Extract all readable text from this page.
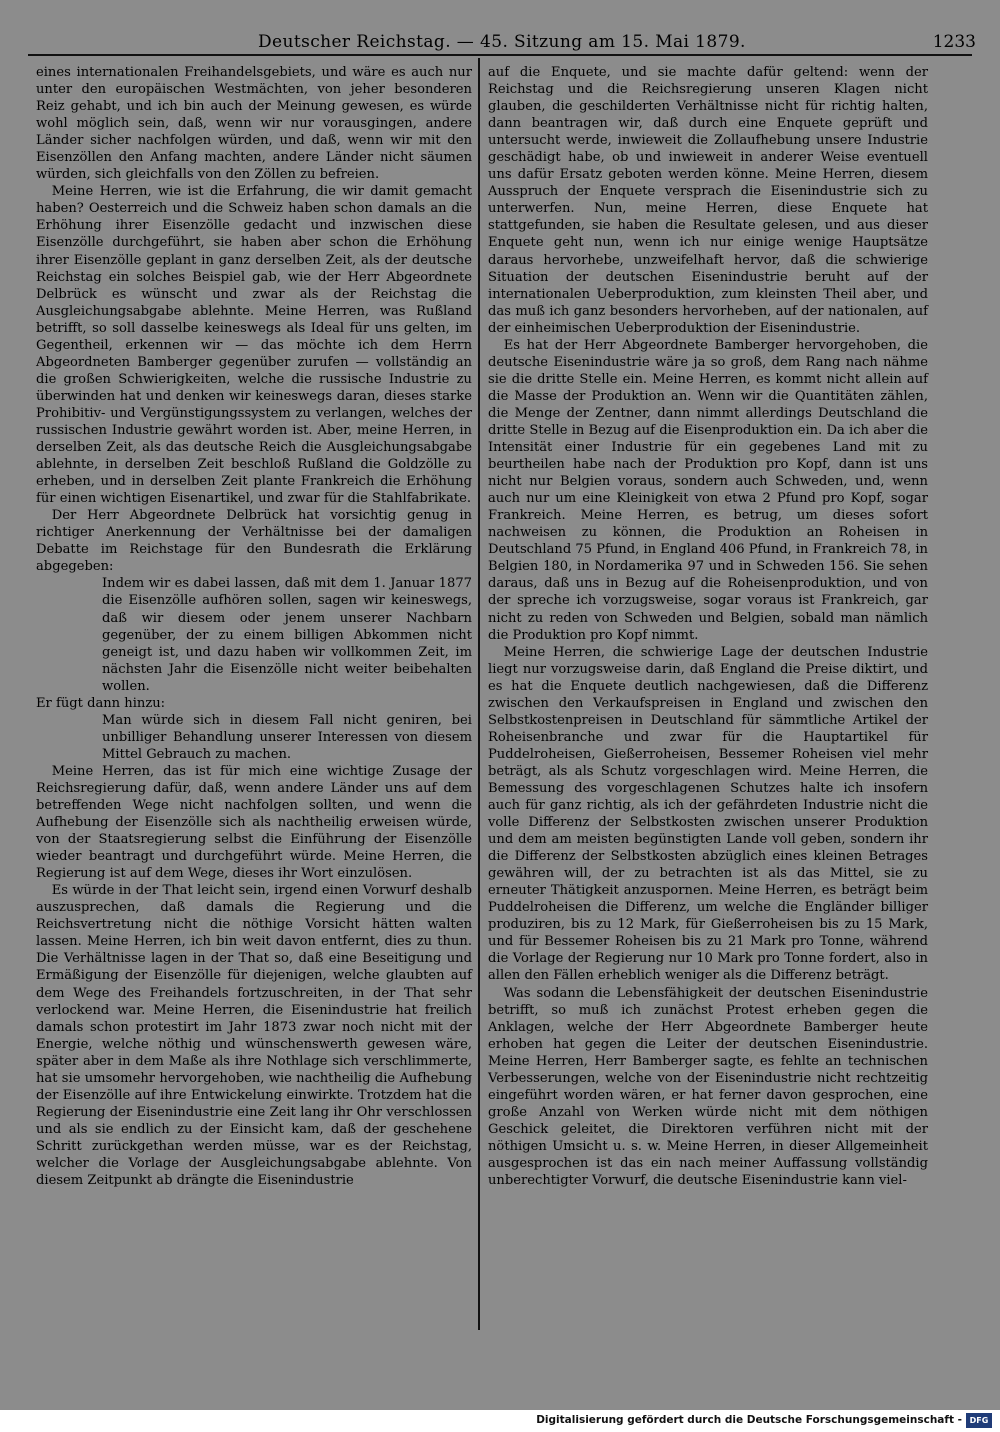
Deutscher Reichstag. — 45. Sitzung am 15. Mai 1879.	1233

eines internationalen Freihandelsgebiets, und wäre es auch nur unter den europäischen Westmächten, von jeher besonderen Reiz gehabt, und ich bin auch der Meinung gewesen, es würde wohl möglich sein, daß, wenn wir nur vorausgingen, andere Länder sicher nachfolgen würden, und daß, wenn wir mit den Eisenzöllen den Anfang machten, andere Länder nicht säumen würden, sich gleichfalls von den Zöllen zu befreien.

Meine Herren, wie ist die Erfahrung, die wir damit gemacht haben? Oesterreich und die Schweiz haben schon damals an die Erhöhung ihrer Eisenzölle gedacht und inzwischen diese Eisenzölle durchgeführt, sie haben aber schon die Erhöhung ihrer Eisenzölle geplant in ganz derselben Zeit, als der deutsche Reichstag ein solches Beispiel gab, wie der Herr Abgeordnete Delbrück es wünscht und zwar als der Reichstag die Ausgleichungsabgabe ablehnte. Meine Herren, was Rußland betrifft, so soll dasselbe keineswegs als Ideal für uns gelten, im Gegentheil, erkennen wir — das möchte ich dem Herrn Abgeordneten Bamberger gegenüber zurufen — vollständig an die großen Schwierigkeiten, welche die russische Industrie zu überwinden hat und denken wir keineswegs daran, dieses starke Prohibitiv- und Vergünstigungssystem zu verlangen, welches der russischen Industrie gewährt worden ist. Aber, meine Herren, in derselben Zeit, als das deutsche Reich die Ausgleichungsabgabe ablehnte, in derselben Zeit beschloß Rußland die Goldzölle zu erheben, und in derselben Zeit plante Frankreich die Erhöhung für einen wichtigen Eisenartikel, und zwar für die Stahlfabrikate.

Der Herr Abgeordnete Delbrück hat vorsichtig genug in richtiger Anerkennung der Verhältnisse bei der damaligen Debatte im Reichstage für den Bundesrath die Erklärung abgegeben:

Indem wir es dabei lassen, daß mit dem 1. Januar 1877 die Eisenzölle aufhören sollen, sagen wir keineswegs, daß wir diesem oder jenem unserer Nachbarn gegenüber, der zu einem billigen Abkommen nicht geneigt ist, und dazu haben wir vollkommen Zeit, im nächsten Jahr die Eisenzölle nicht weiter beibehalten wollen.

Er fügt dann hinzu:

Man würde sich in diesem Fall nicht geniren, bei unbilliger Behandlung unserer Interessen von diesem Mittel Gebrauch zu machen.

Meine Herren, das ist für mich eine wichtige Zusage der Reichsregierung dafür, daß, wenn andere Länder uns auf dem betreffenden Wege nicht nachfolgen sollten, und wenn die Aufhebung der Eisenzölle sich als nachtheilig erweisen würde, von der Staatsregierung selbst die Einführung der Eisenzölle wieder beantragt und durchgeführt würde. Meine Herren, die Regierung ist auf dem Wege, dieses ihr Wort einzulösen.

Es würde in der That leicht sein, irgend einen Vorwurf deshalb auszusprechen, daß damals die Regierung und die Reichsvertretung nicht die nöthige Vorsicht hätten walten lassen. Meine Herren, ich bin weit davon entfernt, dies zu thun. Die Verhältnisse lagen in der That so, daß eine Beseitigung und Ermäßigung der Eisenzölle für diejenigen, welche glaubten auf dem Wege des Freihandels fortzuschreiten, in der That sehr verlockend war. Meine Herren, die Eisenindustrie hat freilich damals schon protestirt im Jahr 1873 zwar noch nicht mit der Energie, welche nöthig und wünschenswerth gewesen wäre, später aber in dem Maße als ihre Nothlage sich verschlimmerte, hat sie umsomehr hervorgehoben, wie nachtheilig die Aufhebung der Eisenzölle auf ihre Entwickelung einwirkte. Trotzdem hat die Regierung der Eisenindustrie eine Zeit lang ihr Ohr verschlossen und als sie endlich zu der Einsicht kam, daß der geschehene Schritt zurückgethan werden müsse, war es der Reichstag, welcher die Vorlage der Ausgleichungsabgabe ablehnte. Von diesem Zeitpunkt ab drängte die Eisenindustrie

auf die Enquete, und sie machte dafür geltend: wenn der Reichstag und die Reichsregierung unseren Klagen nicht glauben, die geschilderten Verhältnisse nicht für richtig halten, dann beantragen wir, daß durch eine Enquete geprüft und untersucht werde, inwieweit die Zollaufhebung unsere Industrie geschädigt habe, ob und inwieweit in anderer Weise eventuell uns dafür Ersatz geboten werden könne. Meine Herren, diesem Ausspruch der Enquete versprach die Eisenindustrie sich zu unterwerfen. Nun, meine Herren, diese Enquete hat stattgefunden, sie haben die Resultate gelesen, und aus dieser Enquete geht nun, wenn ich nur einige wenige Hauptsätze daraus hervorhebe, unzweifelhaft hervor, daß die schwierige Situation der deutschen Eisenindustrie beruht auf der internationalen Ueberproduktion, zum kleinsten Theil aber, und das muß ich ganz besonders hervorheben, auf der nationalen, auf der einheimischen Ueberproduktion der Eisenindustrie.

Es hat der Herr Abgeordnete Bamberger hervorgehoben, die deutsche Eisenindustrie wäre ja so groß, dem Rang nach nähme sie die dritte Stelle ein. Meine Herren, es kommt nicht allein auf die Masse der Produktion an. Wenn wir die Quantitäten zählen, die Menge der Zentner, dann nimmt allerdings Deutschland die dritte Stelle in Bezug auf die Eisenproduktion ein. Da ich aber die Intensität einer Industrie für ein gegebenes Land mit zu beurtheilen habe nach der Produktion pro Kopf, dann ist uns nicht nur Belgien voraus, sondern auch Schweden, und, wenn auch nur um eine Kleinigkeit von etwa 2 Pfund pro Kopf, sogar Frankreich. Meine Herren, es betrug, um dieses sofort nachweisen zu können, die Produktion an Roheisen in Deutschland 75 Pfund, in England 406 Pfund, in Frankreich 78, in Belgien 180, in Nordamerika 97 und in Schweden 156. Sie sehen daraus, daß uns in Bezug auf die Roheisenproduktion, und von der spreche ich vorzugsweise, sogar voraus ist Frankreich, gar nicht zu reden von Schweden und Belgien, sobald man nämlich die Produktion pro Kopf nimmt.

Meine Herren, die schwierige Lage der deutschen Industrie liegt nur vorzugsweise darin, daß England die Preise diktirt, und es hat die Enquete deutlich nachgewiesen, daß die Differenz zwischen den Verkaufspreisen in England und zwischen den Selbstkostenpreisen in Deutschland für sämmtliche Artikel der Roheisenbranche und zwar für die Hauptartikel für Puddelroheisen, Gießerroheisen, Bessemer Roheisen viel mehr beträgt, als als Schutz vorgeschlagen wird. Meine Herren, die Bemessung des vorgeschlagenen Schutzes halte ich insofern auch für ganz richtig, als ich der gefährdeten Industrie nicht die volle Differenz der Selbstkosten zwischen unserer Produktion und dem am meisten begünstigten Lande voll geben, sondern ihr die Differenz der Selbstkosten abzüglich eines kleinen Betrages gewähren will, der zu betrachten ist als das Mittel, sie zu erneuter Thätigkeit anzuspornen. Meine Herren, es beträgt beim Puddelroheisen die Differenz, um welche die Engländer billiger produziren, bis zu 12 Mark, für Gießerroheisen bis zu 15 Mark, und für Bessemer Roheisen bis zu 21 Mark pro Tonne, während die Vorlage der Regierung nur 10 Mark pro Tonne fordert, also in allen den Fällen erheblich weniger als die Differenz beträgt.

Was sodann die Lebensfähigkeit der deutschen Eisenindustrie betrifft, so muß ich zunächst Protest erheben gegen die Anklagen, welche der Herr Abgeordnete Bamberger heute erhoben hat gegen die Leiter der deutschen Eisenindustrie. Meine Herren, Herr Bamberger sagte, es fehlte an technischen Verbesserungen, welche von der Eisenindustrie nicht rechtzeitig eingeführt worden wären, er hat ferner davon gesprochen, eine große Anzahl von Werken würde nicht mit dem nöthigen Geschick geleitet, die Direktoren verführen nicht mit der nöthigen Umsicht u. s. w. Meine Herren, in dieser Allgemeinheit ausgesprochen ist das ein nach meiner Auffassung vollständig unberechtigter Vorwurf, die deutsche Eisenindustrie kann viel-

Digitalisierung gefördert durch die Deutsche Forschungsgemeinschaft - DFG
